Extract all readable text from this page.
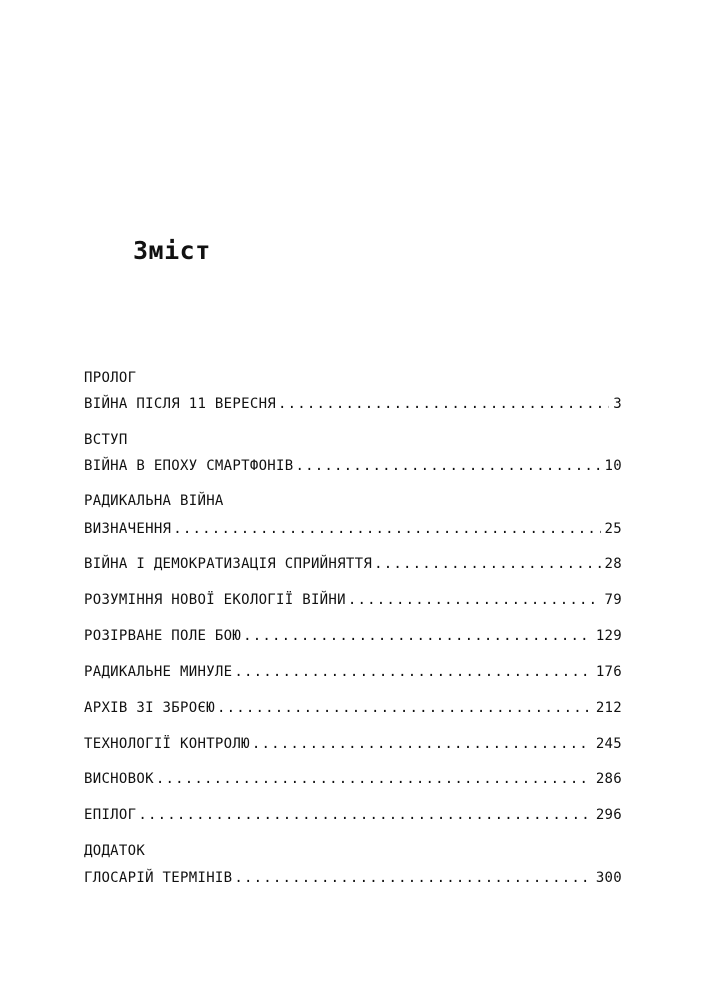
Зміст
ПРОЛОГ
ВІЙНА ПІСЛЯ 11 ВЕРЕСНЯ .....	3
ВСТУП
ВІЙНА В ЕПОХУ СМАРТФОНІВ .....	10
РАДИКАЛЬНА ВІЙНА
ВИЗНАЧЕННЯ .....	25
ВІЙНА І ДЕМОКРАТИЗАЦІЯ СПРИЙНЯТТЯ .....	28
РОЗУМІННЯ НОВОЇ ЕКОЛОГІЇ ВІЙНИ .....	79
РОЗІРВАНЕ ПОЛЕ БОЮ .....	129
РАДИКАЛЬНЕ МИНУЛЕ .....	176
АРХІВ ЗІ ЗБРОЄЮ .....	212
ТЕХНОЛОГІЇ КОНТРОЛЮ .....	245
ВИСНОВОК .....	286
ЕПІЛОГ .....	296
ДОДАТОК
ГЛОСАРІЙ ТЕРМІНІВ .....	300
